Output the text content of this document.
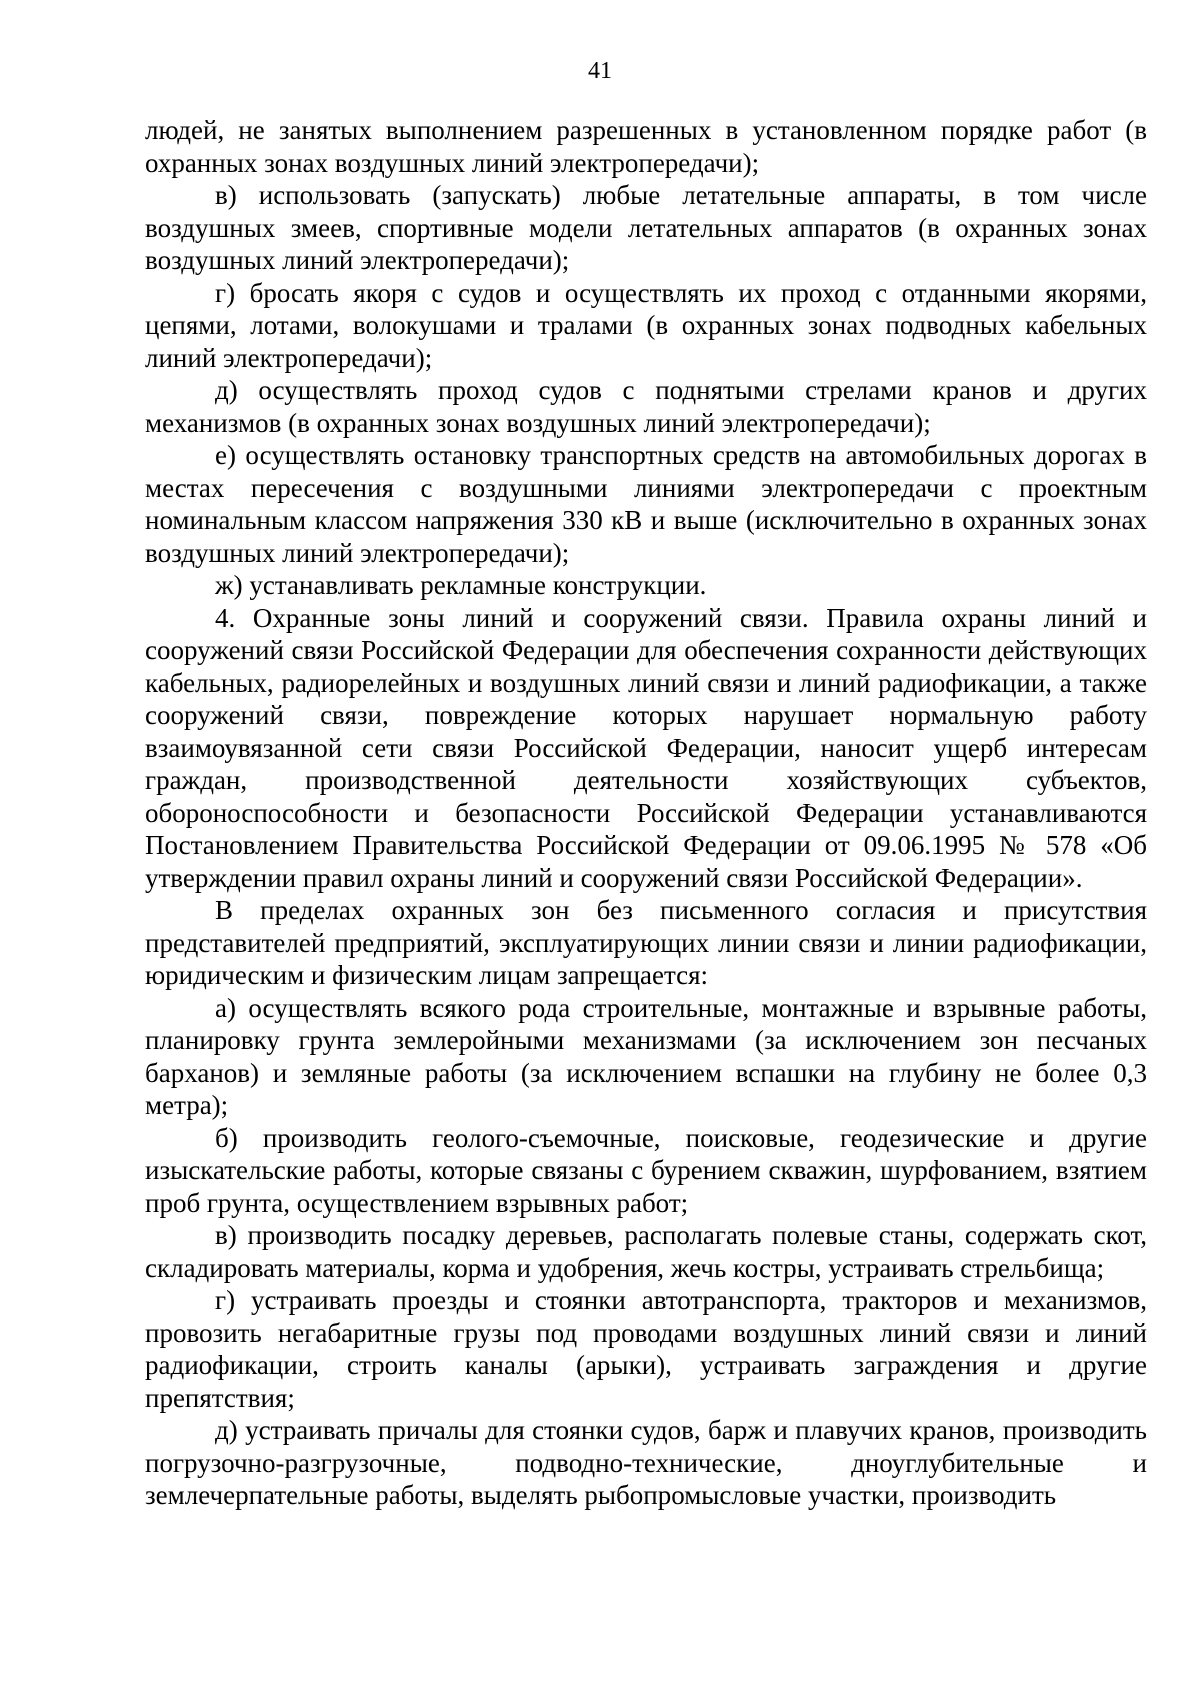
41

людей, не занятых выполнением разрешенных в установленном порядке работ (в охранных зонах воздушных линий электропередачи);

в) использовать (запускать) любые летательные аппараты, в том числе воздушных змеев, спортивные модели летательных аппаратов (в охранных зонах воздушных линий электропередачи);

г) бросать якоря с судов и осуществлять их проход с отданными якорями, цепями, лотами, волокушами и тралами (в охранных зонах подводных кабельных линий электропередачи);

д) осуществлять проход судов с поднятыми стрелами кранов и других механизмов (в охранных зонах воздушных линий электропередачи);

е) осуществлять остановку транспортных средств на автомобильных дорогах в местах пересечения с воздушными линиями электропередачи с проектным номинальным классом напряжения 330 кВ и выше (исключительно в охранных зонах воздушных линий электропередачи);

ж) устанавливать рекламные конструкции.

4. Охранные зоны линий и сооружений связи. Правила охраны линий и сооружений связи Российской Федерации для обеспечения сохранности действующих кабельных, радиорелейных и воздушных линий связи и линий радиофикации, а также сооружений связи, повреждение которых нарушает нормальную работу взаимоувязанной сети связи Российской Федерации, наносит ущерб интересам граждан, производственной деятельности хозяйствующих субъектов, обороноспособности и безопасности Российской Федерации устанавливаются Постановлением Правительства Российской Федерации от 09.06.1995 № 578 «Об утверждении правил охраны линий и сооружений связи Российской Федерации».

В пределах охранных зон без письменного согласия и присутствия представителей предприятий, эксплуатирующих линии связи и линии радиофикации, юридическим и физическим лицам запрещается:

а) осуществлять всякого рода строительные, монтажные и взрывные работы, планировку грунта землеройными механизмами (за исключением зон песчаных барханов) и земляные работы (за исключением вспашки на глубину не более 0,3 метра);

б) производить геолого-съемочные, поисковые, геодезические и другие изыскательские работы, которые связаны с бурением скважин, шурфованием, взятием проб грунта, осуществлением взрывных работ;

в) производить посадку деревьев, располагать полевые станы, содержать скот, складировать материалы, корма и удобрения, жечь костры, устраивать стрельбища;

г) устраивать проезды и стоянки автотранспорта, тракторов и механизмов, провозить негабаритные грузы под проводами воздушных линий связи и линий радиофикации, строить каналы (арыки), устраивать заграждения и другие препятствия;

д) устраивать причалы для стоянки судов, барж и плавучих кранов, производить погрузочно-разгрузочные, подводно-технические, дноуглубительные и землечерпательные работы, выделять рыбопромысловые участки, производить
